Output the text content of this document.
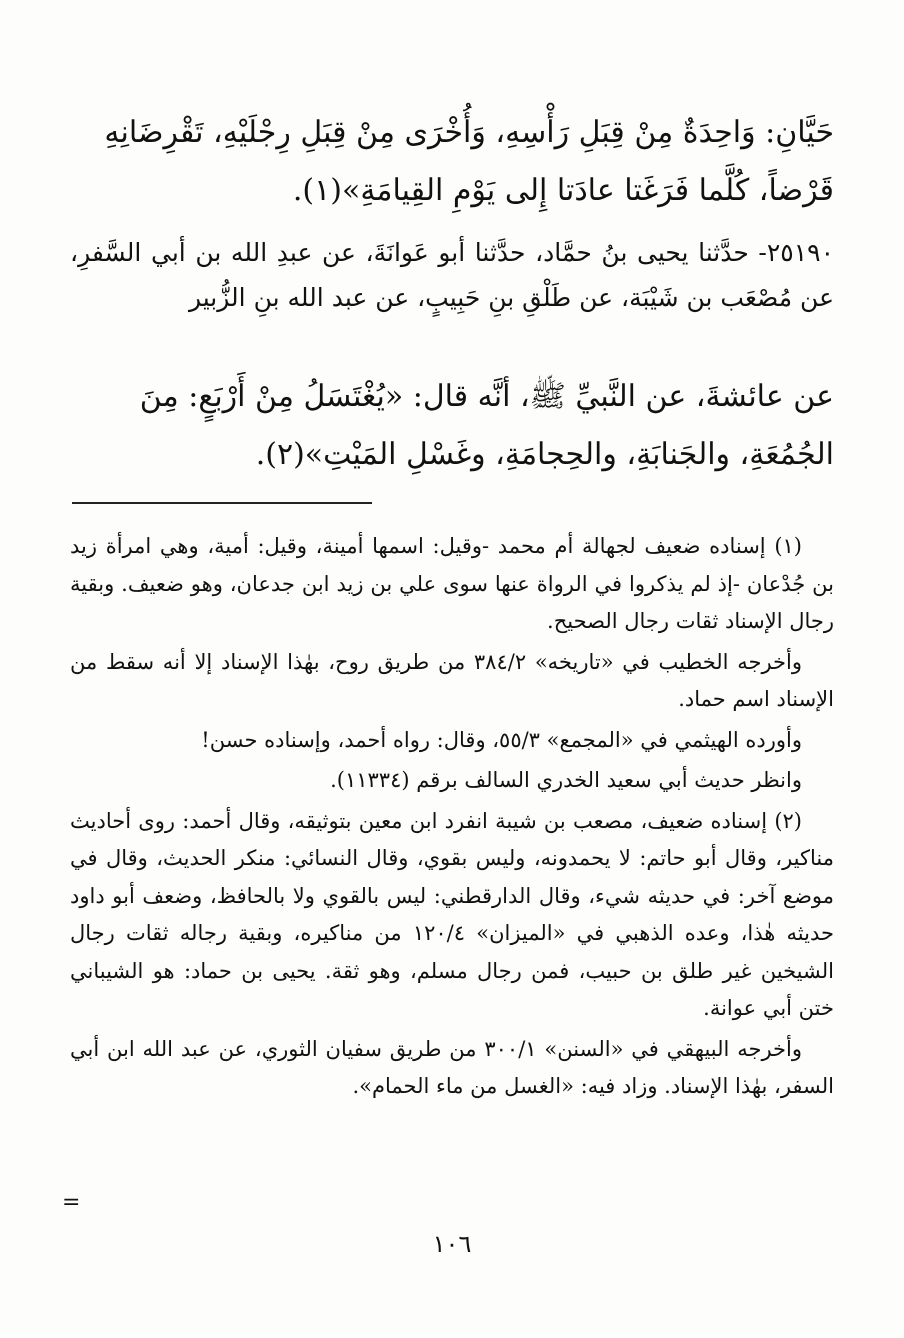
حَيَّانِ: وَاحِدَةٌ مِنْ قِبَلِ رَأْسِهِ، وَأُخْرَى مِنْ قِبَلِ رِجْلَيْهِ، تَقْرِضَانِهِ
قَرْضاً، كُلَّما فَرَغَتا عادَتا إِلى يَوْمِ القِيامَةِ»(١).
٢٥١٩٠- حدَّثنا يحيى بنُ حمَّاد، حدَّثنا أبو عَوانَةَ، عن عبدِ الله بن أبي السَّفرِ، عن مُصْعَب بن شَيْبَة، عن طَلْقِ بنِ حَبِيبٍ، عن عبد الله بنِ الزُّبير
عن عائشةَ، عن النَّبيِّ ﷺ، أنَّه قال: «يُغْتَسَلُ مِنْ أَرْبَعٍ: مِنَ
الجُمُعَةِ، والجَنابَةِ، والحِجامَةِ، وغَسْلِ المَيْتِ»(٢).

(١) إسناده ضعيف لجهالة أم محمد -وقيل: اسمها أمينة، وقيل: أمية، وهي امرأة زيد بن جُدْعان -إذ لم يذكروا في الرواة عنها سوى علي بن زيد ابن جدعان، وهو ضعيف. وبقية رجال الإسناد ثقات رجال الصحيح.

وأخرجه الخطيب في «تاريخه» ٣٨٤/٢ من طريق روح، بهٰذا الإسناد إلا أنه سقط من الإسناد اسم حماد.

وأورده الهيثمي في «المجمع» ٥٥/٣، وقال: رواه أحمد، وإسناده حسن!

وانظر حديث أبي سعيد الخدري السالف برقم (١١٣٣٤).

(٢) إسناده ضعيف، مصعب بن شيبة انفرد ابن معين بتوثيقه، وقال أحمد: روى أحاديث مناكير، وقال أبو حاتم: لا يحمدونه، وليس بقوي، وقال النسائي: منكر الحديث، وقال في موضع آخر: في حديثه شيء، وقال الدارقطني: ليس بالقوي ولا بالحافظ، وضعف أبو داود حديثه هٰذا، وعده الذهبي في «الميزان» ١٢٠/٤ من مناكيره، وبقية رجاله ثقات رجال الشيخين غير طلق بن حبيب، فمن رجال مسلم، وهو ثقة. يحيى بن حماد: هو الشيباني ختن أبي عوانة.

وأخرجه البيهقي في «السنن» ٣٠٠/١ من طريق سفيان الثوري، عن عبد الله ابن أبي السفر، بهٰذا الإسناد. وزاد فيه: «الغسل من ماء الحمام».

=
١٠٦
